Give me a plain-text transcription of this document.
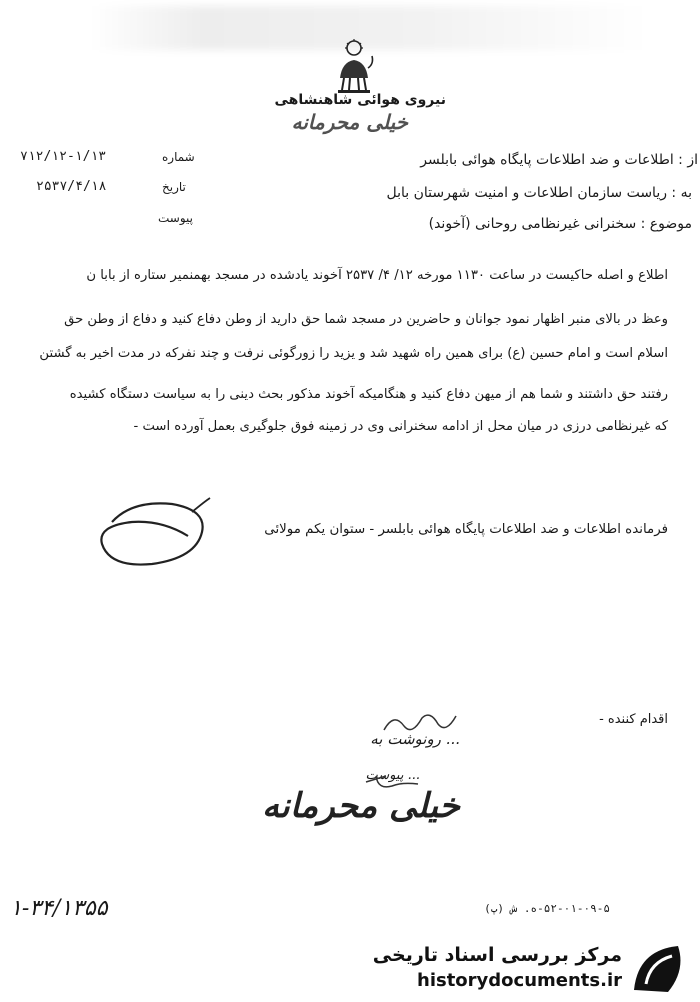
نیروی هوائی شاهنشاهی
خیلی محرمانه
شماره
۷۱۲/۱۲-۱/۱۳
تاریخ
۲۵۳۷/۴/۱۸
پیوست
از : اطلاعات و ضد اطلاعات پایگاه هوائی بابلسر
به : ریاست سازمان اطلاعات و امنیت شهرستان بابل
موضوع : سخنرانی غیرنظامی روحانی (آخوند)
اطلاع و اصله حاکیست در ساعت ۱۱۳۰ مورخه ۱۲/ ۴/ ۲۵۳۷ آخوند یادشده در مسجد بهمنمیر ستاره از بابا ن
وعظ در بالای منبر اظهار نمود جوانان و حاضرین در مسجد شما حق دارید از وطن دفاع کنید و دفاع از وطن حق
اسلام است و امام حسین (ع) برای همین راه شهید شد و یزید را زورگوئی نرفت و چند نفرکه در مدت اخیر به گشتن
رفتند حق داشتند و شما هم از میهن دفاع کنید و هنگامیکه آخوند مذکور بحث دینی را به سیاست دستگاه کشیده
که غیرنظامی درزی در میان محل از ادامه سخنرانی وی در زمینه فوق جلوگیری بعمل آورده است -
فرمانده اطلاعات و ضد اطلاعات پایگاه هوائی بابلسر - ستوان یکم مولائی
اقدام کننده -
... رونوشت به
... پیوست
خیلی محرمانه
۱-۳۴/۱۳۵۵	۵۲-۰۱-۰۹-۵-ه. ش (پ)
مرکز بررسی اسناد تاریخی
historydocuments.ir
